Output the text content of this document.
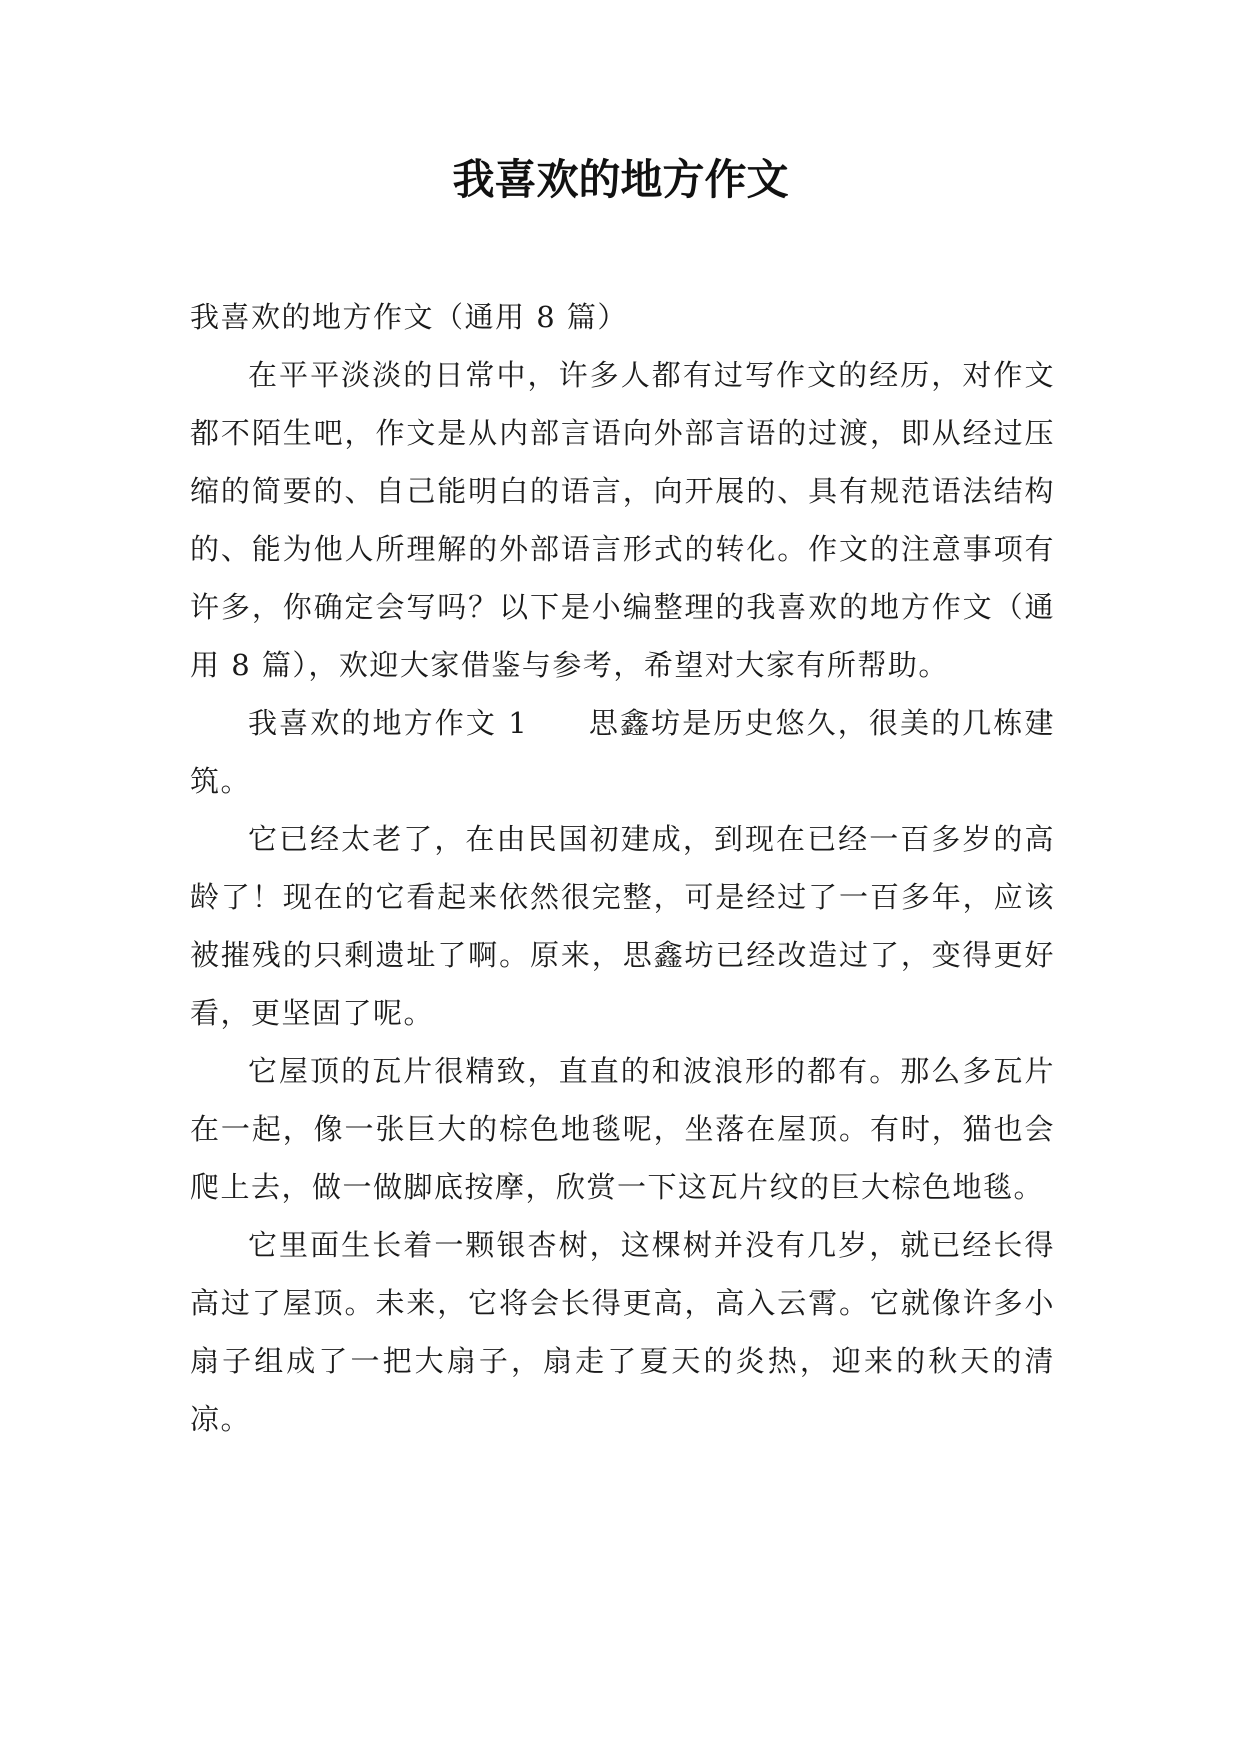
我喜欢的地方作文

我喜欢的地方作文（通用 8 篇）

在平平淡淡的日常中，许多人都有过写作文的经历，对作文都不陌生吧，作文是从内部言语向外部言语的过渡，即从经过压缩的简要的、自己能明白的语言，向开展的、具有规范语法结构的、能为他人所理解的外部语言形式的转化。作文的注意事项有许多，你确定会写吗？以下是小编整理的我喜欢的地方作文（通用 8 篇），欢迎大家借鉴与参考，希望对大家有所帮助。

我喜欢的地方作文 1 思鑫坊是历史悠久，很美的几栋建筑。

它已经太老了，在由民国初建成，到现在已经一百多岁的高龄了！现在的它看起来依然很完整，可是经过了一百多年，应该被摧残的只剩遗址了啊。原来，思鑫坊已经改造过了，变得更好看，更坚固了呢。

它屋顶的瓦片很精致，直直的和波浪形的都有。那么多瓦片在一起，像一张巨大的棕色地毯呢，坐落在屋顶。有时，猫也会爬上去，做一做脚底按摩，欣赏一下这瓦片纹的巨大棕色地毯。

它里面生长着一颗银杏树，这棵树并没有几岁，就已经长得高过了屋顶。未来，它将会长得更高，高入云霄。它就像许多小扇子组成了一把大扇子，扇走了夏天的炎热，迎来的秋天的清凉。
